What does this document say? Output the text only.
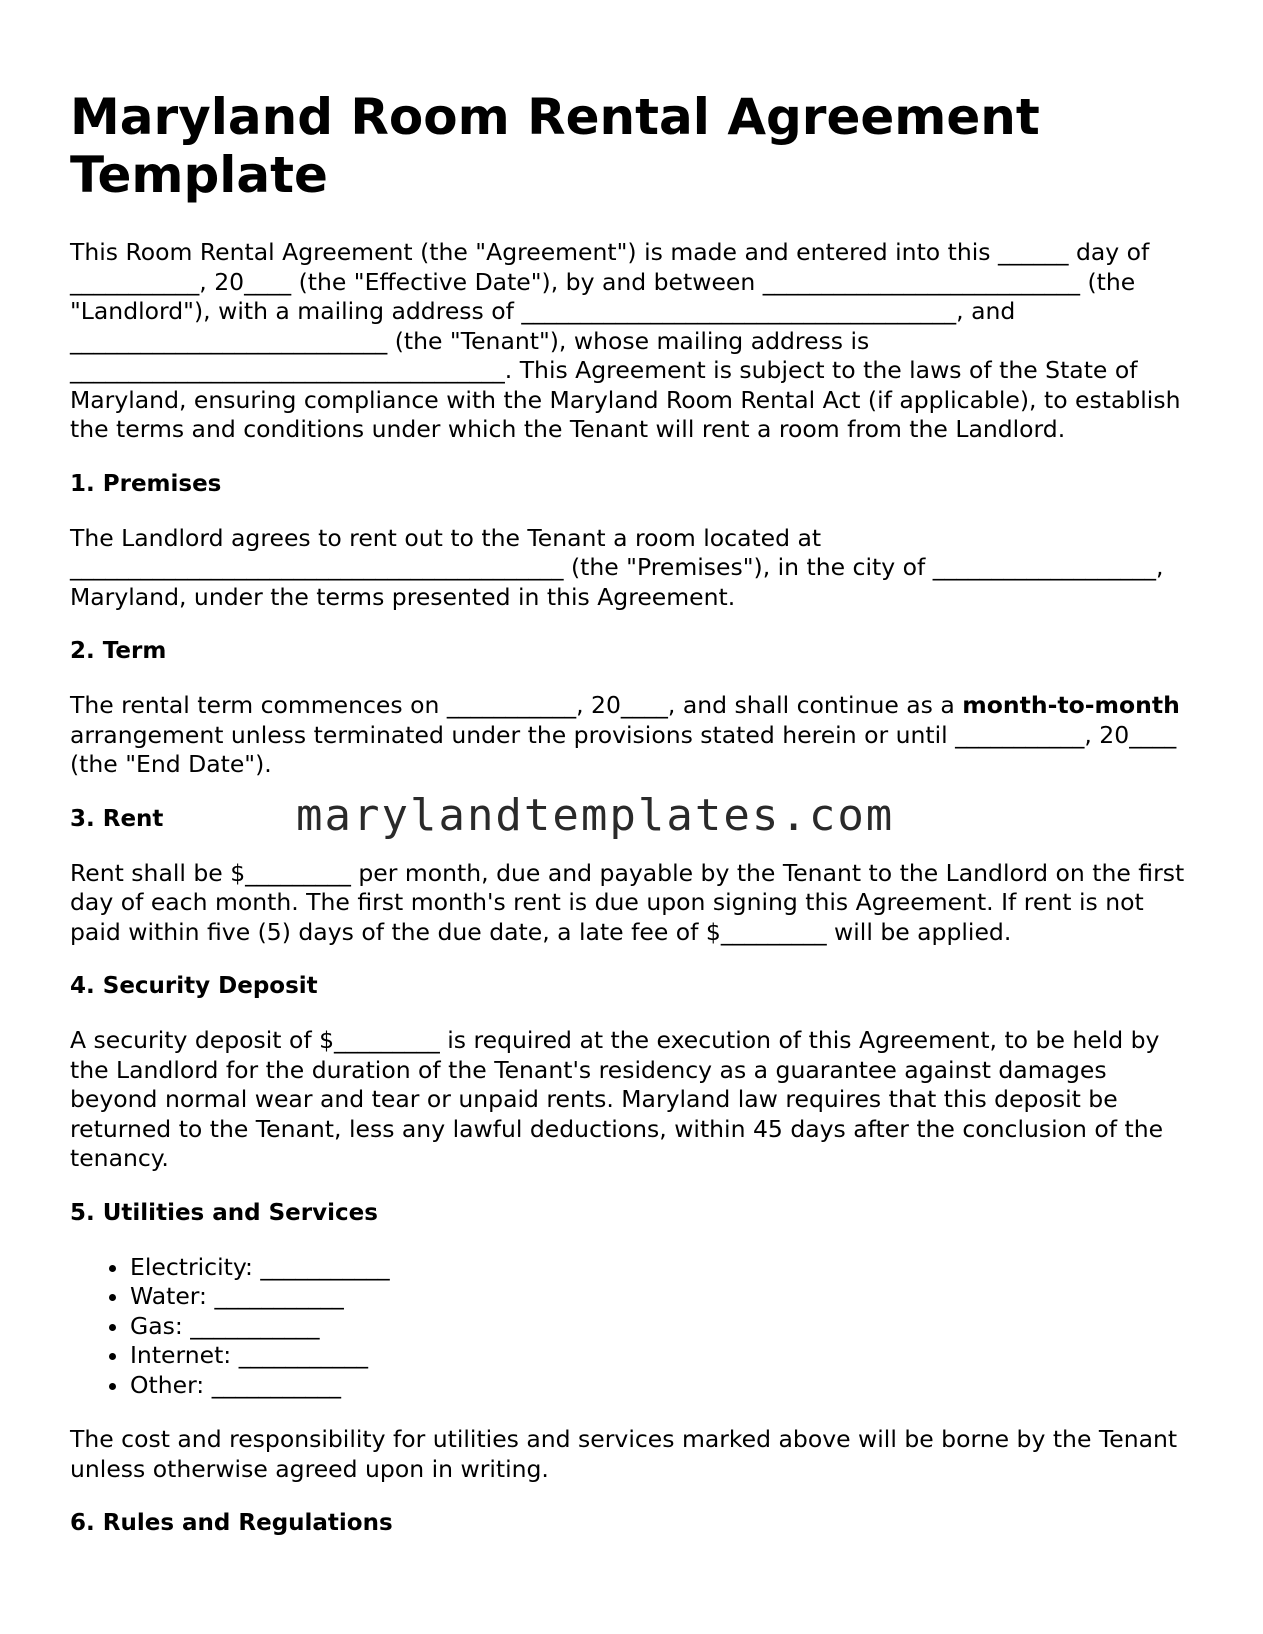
Maryland Room Rental Agreement Template

This Room Rental Agreement (the "Agreement") is made and entered into this ______ day of ___________, 20____ (the "Effective Date"), by and between ___________________________ (the "Landlord"), with a mailing address of _____________________________________, and ___________________________ (the "Tenant"), whose mailing address is _____________________________________. This Agreement is subject to the laws of the State of Maryland, ensuring compliance with the Maryland Room Rental Act (if applicable), to establish the terms and conditions under which the Tenant will rent a room from the Landlord.

1. Premises

The Landlord agrees to rent out to the Tenant a room located at __________________________________________ (the "Premises"), in the city of ___________________, Maryland, under the terms presented in this Agreement.

2. Term

The rental term commences on ___________, 20____, and shall continue as a month-to-month arrangement unless terminated under the provisions stated herein or until ___________, 20____ (the "End Date").

3. Rent

Rent shall be $_________ per month, due and payable by the Tenant to the Landlord on the first day of each month. The first month's rent is due upon signing this Agreement. If rent is not paid within five (5) days of the due date, a late fee of $_________ will be applied.

4. Security Deposit

A security deposit of $_________ is required at the execution of this Agreement, to be held by the Landlord for the duration of the Tenant's residency as a guarantee against damages beyond normal wear and tear or unpaid rents. Maryland law requires that this deposit be returned to the Tenant, less any lawful deductions, within 45 days after the conclusion of the tenancy.

5. Utilities and Services
• Electricity: ___________
• Water: ___________
• Gas: ___________
• Internet: ___________
• Other: ___________

The cost and responsibility for utilities and services marked above will be borne by the Tenant unless otherwise agreed upon in writing.

6. Rules and Regulations
marylandtemplates.com
